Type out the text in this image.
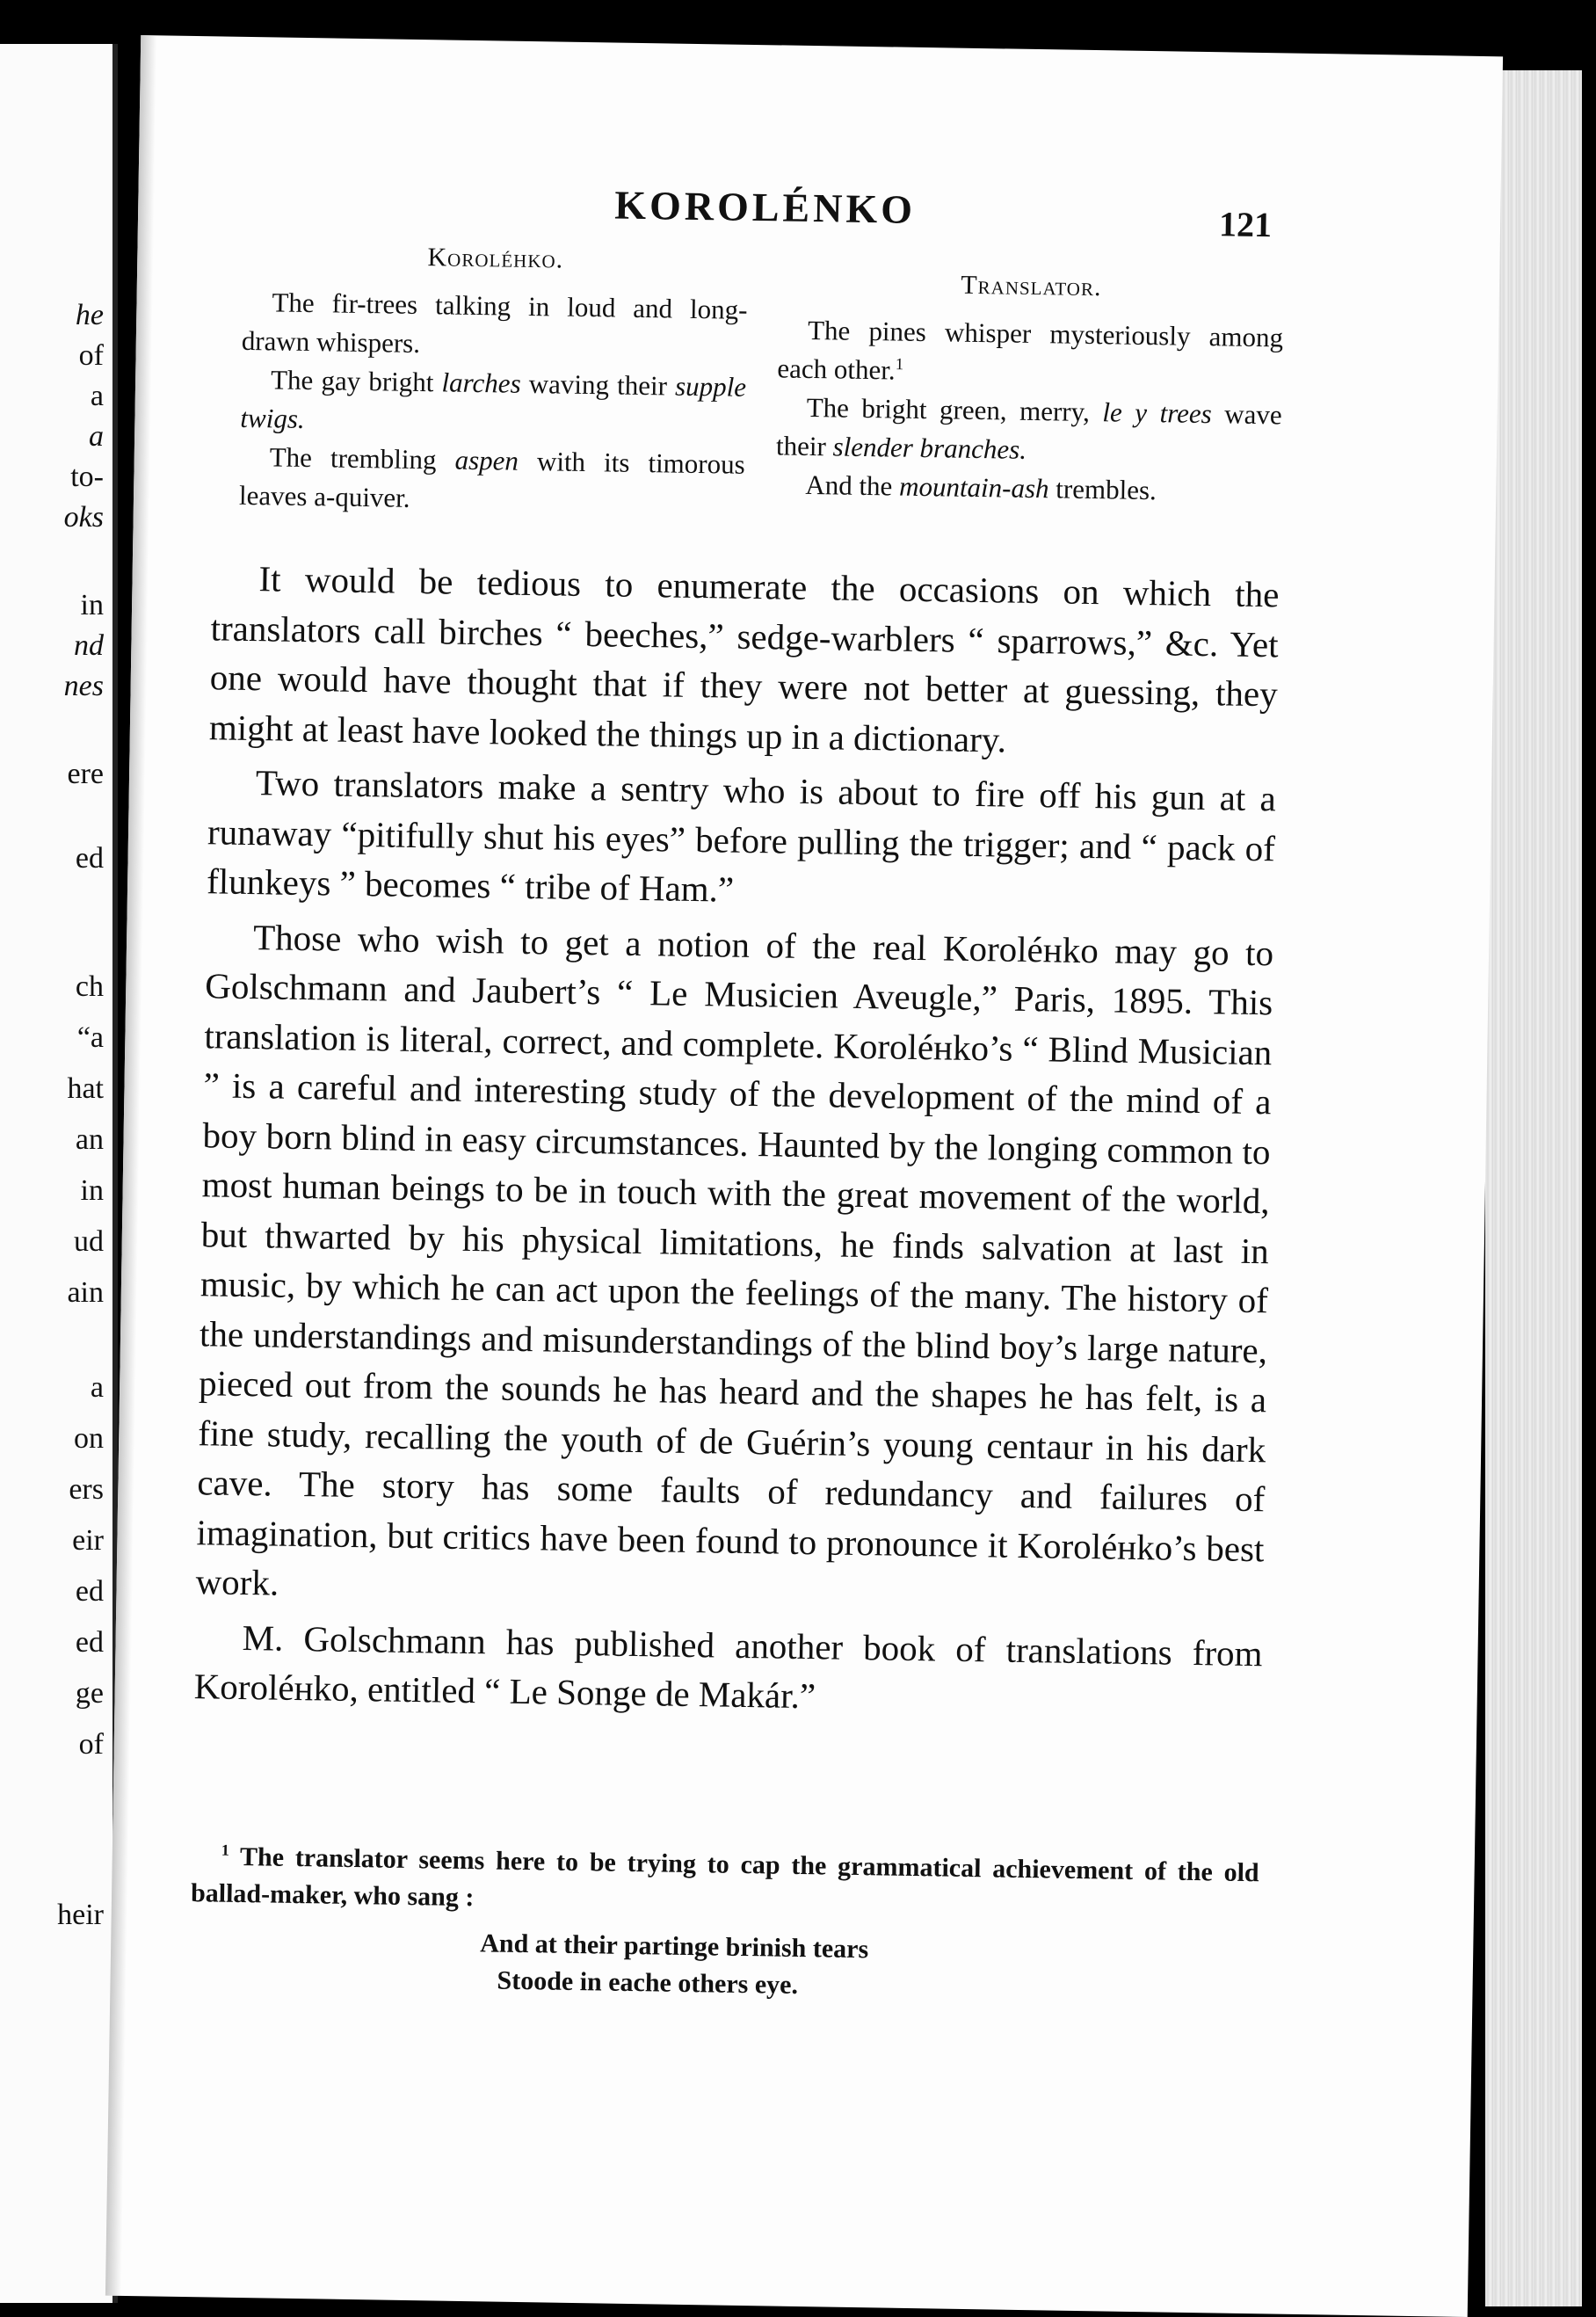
he
of
a
a
to-
oks
in
nd
nes
ere
ed
ch
“a
hat
an
in
ud
ain
a
on
ers
eir
ed
ed
ge
of
heir
KOROLÉNKO	121

Koroléнko.

The fir-trees talking in loud and long-drawn whispers.

The gay bright larches waving their supple twigs.

The trembling aspen with its timorous leaves a-quiver.

Translator.

The pines whisper mysteriously among each other.$^1$

The bright green, merry, le y trees wave their slender branches.

And the mountain-ash trembles.

It would be tedious to enumerate the occasions on which the translators call birches “ beeches,” sedge-warblers “ sparrows,” &c. Yet one would have thought that if they were not better at guessing, they might at least have looked the things up in a dictionary.

Two translators make a sentry who is about to fire off his gun at a runaway “pitifully shut his eyes” before pulling the trigger; and “ pack of flunkeys ” becomes “ tribe of Ham.”

Those who wish to get a notion of the real Koroléнko may go to Golschmann and Jaubert’s “ Le Musicien Aveugle,” Paris, 1895. This translation is literal, correct, and complete. Koroléнko’s “ Blind Musician ” is a careful and interesting study of the development of the mind of a boy born blind in easy circumstances. Haunted by the longing common to most human beings to be in touch with the great movement of the world, but thwarted by his physical limitations, he finds salvation at last in music, by which he can act upon the feelings of the many. The history of the understandings and misunderstandings of the blind boy’s large nature, pieced out from the sounds he has heard and the shapes he has felt, is a fine study, recalling the youth of de Guérin’s young centaur in his dark cave. The story has some faults of redundancy and failures of imagination, but critics have been found to pronounce it Koroléнko’s best work.

M. Golschmann has published another book of translations from Koroléнko, entitled “ Le Songe de Makár.”

$^1$ The translator seems here to be trying to cap the grammatical achievement of the old ballad-maker, who sang :

And at their partinge brinish tears
Stoode in eache others eye.
